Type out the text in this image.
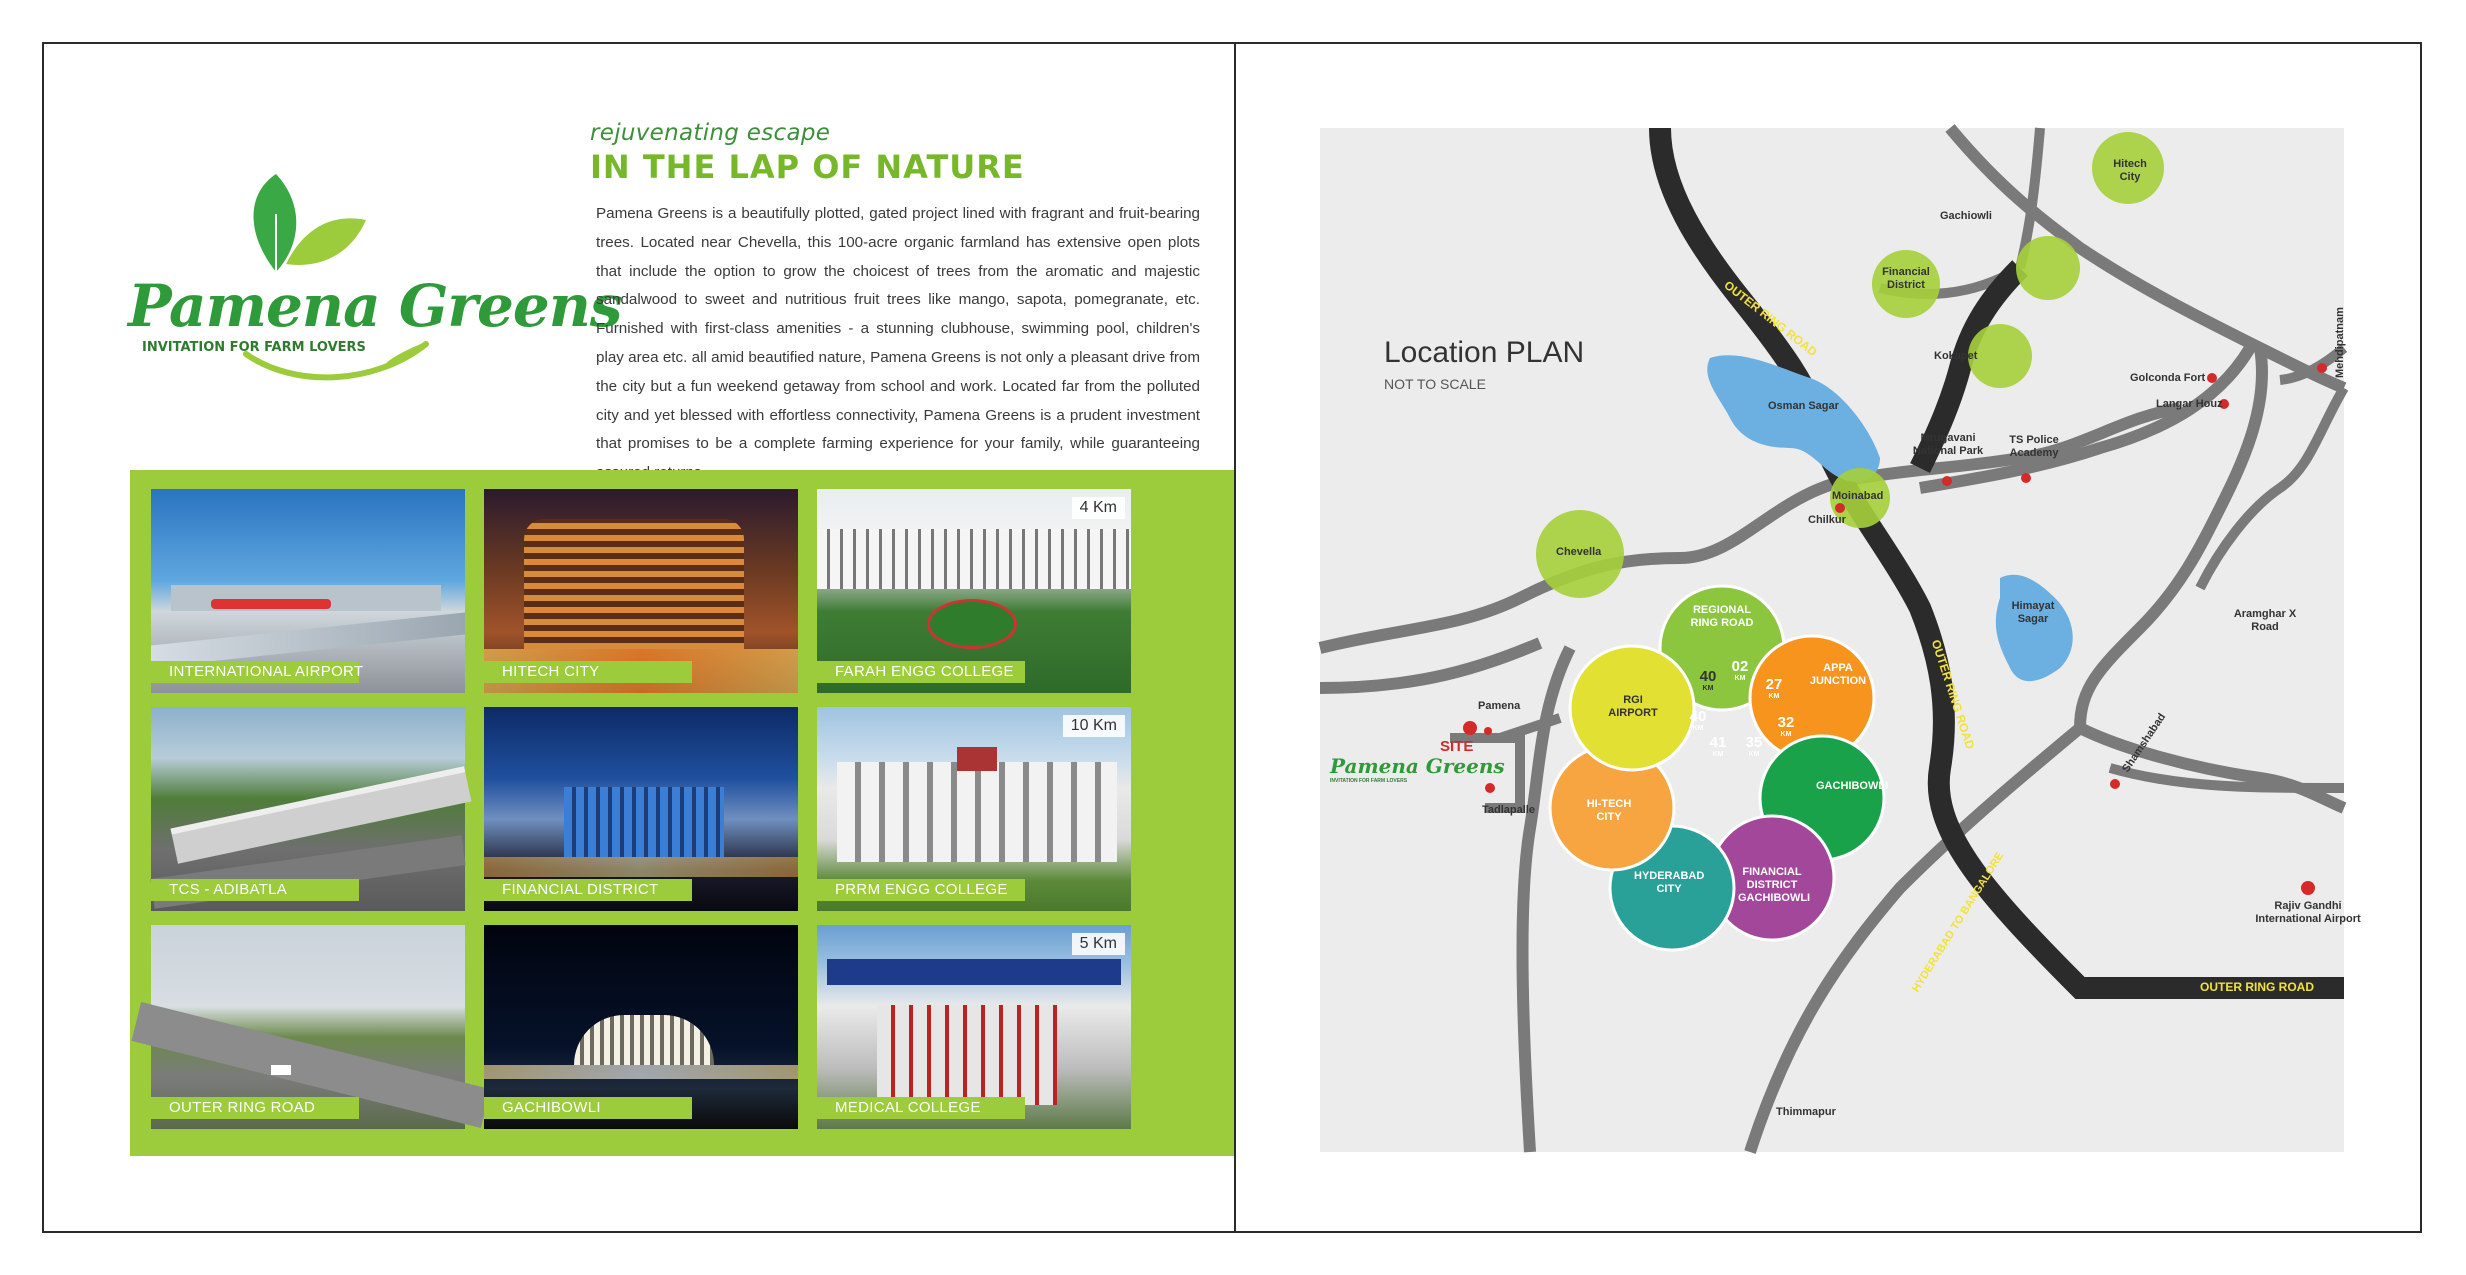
Pamena Greens
INVITATION FOR FARM LOVERS
rejuvenating escape
IN THE LAP OF NATURE
Pamena Greens is a beautifully plotted, gated project lined with fragrant and fruit-bearing trees. Located near Chevella, this 100-acre organic farmland has extensive open plots that include the option to grow the choicest of trees from the aromatic and majestic sandalwood to sweet and nutritious fruit trees like mango, sapota, pomegranate, etc. Furnished with first-class amenities - a stunning clubhouse, swimming pool, children's play area etc. all amid beautified nature, Pamena Greens is not only a pleasant drive from the city but a fun weekend getaway from school and work. Located far from the polluted city and yet blessed with effortless connectivity, Pamena Greens is a prudent investment that promises to be a complete farming experience for your family, while guaranteeing
INTERNATIONAL AIRPORT	HITECH CITY
4 Km
FARAH ENGG COLLEGE
TCS - ADIBATLA	FINANCIAL DISTRICT
10 Km
PRRM ENGG COLLEGE
OUTER RING ROAD	GACHIBOWLI
5 Km
MEDICAL COLLEGE
Location PLAN
NOT TO SCALE
OUTER RING ROAD
OUTER RING ROAD
OUTER RING ROAD
HYDERABAD TO BANGALORE
Hitech City
Gachiowli
Financial District
Kokapet
Moinabad
Chevella
Osman Sagar
Himayat Sagar
Golconda Fort
Langar Houz
Mehdipatnam
Mrugavani National Park
TS Police Academy
Chilkur
Aramghar X Road
Shamshabad
Rajiv Gandhi International Airport
Pamena
SITE
Tadlapalle
Thimmapur
Pamena Greens
INVITATION FOR FARM LOVERS
REGIONAL RING ROAD
02
KM
APPA JUNCTION
27
KM
GACHIBOWLI
32
KM
FINANCIAL DISTRICT GACHIBOWLI
35
KM
HYDERABAD CITY
41
KM
HI-TECH CITY
40
KM
RGI AIRPORT
40
KM
